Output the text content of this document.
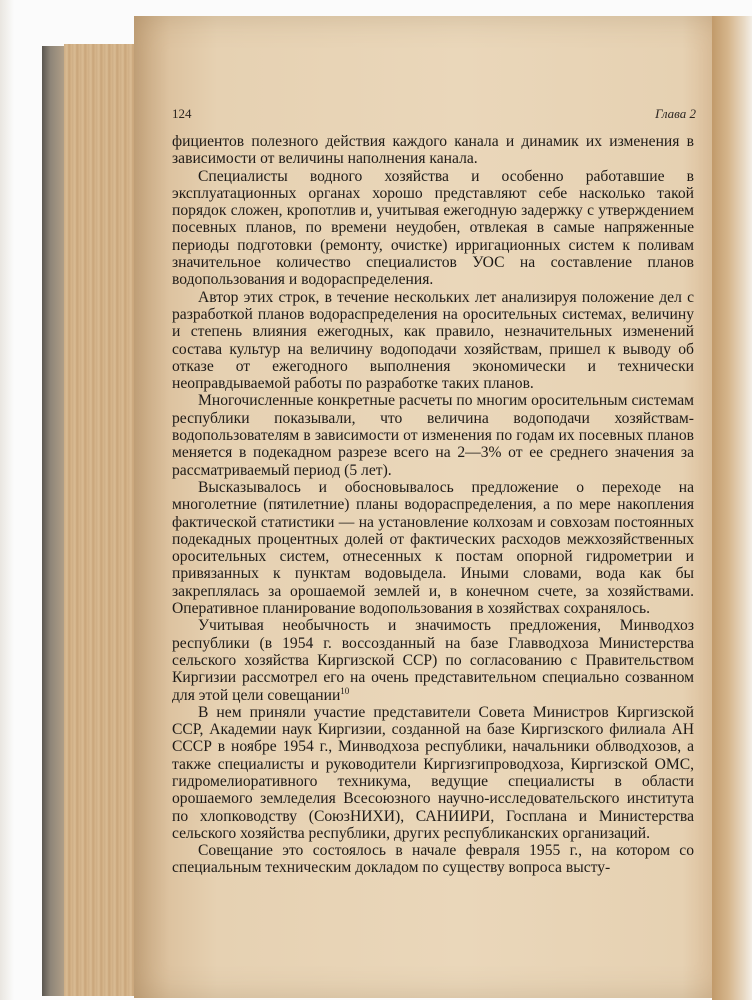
124	Глава 2

фициентов полезного действия каждого канала и динамик их изменения в зависимости от величины наполнения канала.

Специалисты водного хозяйства и особенно работавшие в эксплуатационных органах хорошо представляют себе насколько такой порядок сложен, кропотлив и, учитывая ежегодную задержку с утверждением посевных планов, по времени неудобен, отвлекая в самые напряженные периоды подготовки (ремонту, очистке) ирригационных систем к поливам значительное количество специалистов УОС на составление планов водопользования и водораспределения.

Автор этих строк, в течение нескольких лет анализируя положение дел с разработкой планов водораспределения на оросительных системах, величину и степень влияния ежегодных, как правило, незначительных изменений состава культур на величину водоподачи хозяйствам, пришел к выводу об отказе от ежегодного выполнения экономически и технически неоправдываемой работы по разработке таких планов.

Многочисленные конкретные расчеты по многим оросительным системам республики показывали, что величина водоподачи хозяйствам-водопользователям в зависимости от изменения по годам их посевных планов меняется в подекадном разрезе всего на 2—3% от ее среднего значения за рассматриваемый период (5 лет).

Высказывалось и обосновывалось предложение о переходе на многолетние (пятилетние) планы водораспределения, а по мере накопления фактической статистики — на установление колхозам и совхозам постоянных подекадных процентных долей от фактических расходов межхозяйственных оросительных систем, отнесенных к постам опорной гидрометрии и привязанных к пунктам водовыдела. Иными словами, вода как бы закреплялась за орошаемой землей и, в конечном счете, за хозяйствами. Оперативное планирование водопользования в хозяйствах сохранялось.

Учитывая необычность и значимость предложения, Минводхоз республики (в 1954 г. воссозданный на базе Главводхоза Министерства сельского хозяйства Киргизской ССР) по согласованию с Правительством Киргизии рассмотрел его на очень представительном специально созванном для этой цели совещании$^{10}$

В нем приняли участие представители Совета Министров Киргизской ССР, Академии наук Киргизии, созданной на базе Киргизского филиала АН СССР в ноябре 1954 г., Минводхоза республики, начальники облводхозов, а также специалисты и руководители Киргизгипроводхоза, Киргизской ОМС, гидромелиоративного техникума, ведущие специалисты в области орошаемого земледелия Всесоюзного научно-исследовательского института по хлопководству (СоюзНИХИ), САНИИРИ, Госплана и Министерства сельского хозяйства республики, других республиканских организаций.

Совещание это состоялось в начале февраля 1955 г., на котором со специальным техническим докладом по существу вопроса высту-
